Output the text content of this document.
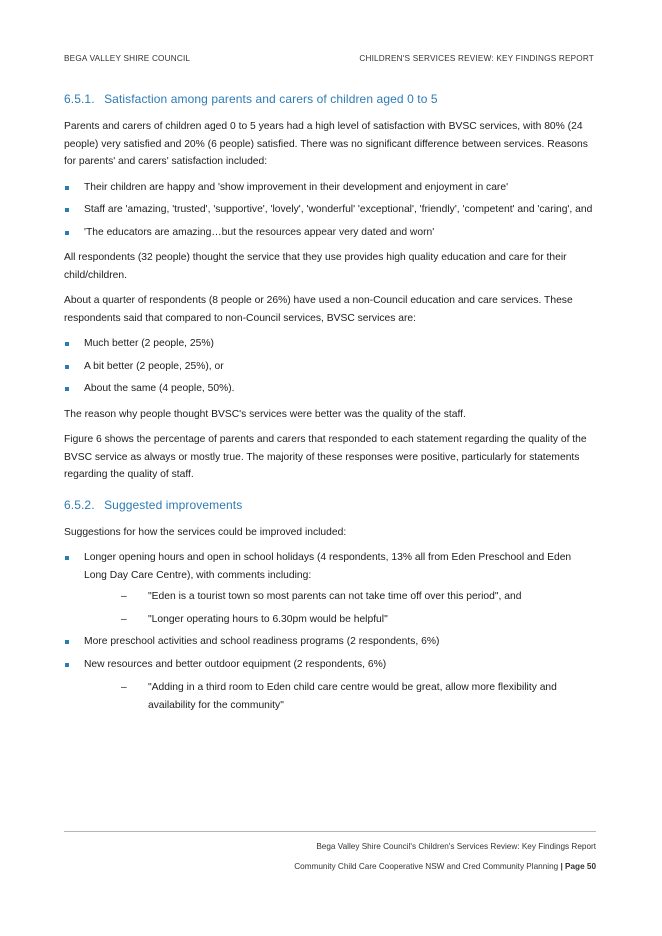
BEGA VALLEY SHIRE COUNCIL	CHILDREN'S SERVICES REVIEW: KEY FINDINGS REPORT
6.5.1. Satisfaction among parents and carers of children aged 0 to 5

Parents and carers of children aged 0 to 5 years had a high level of satisfaction with BVSC services, with 80% (24 people) very satisfied and 20% (6 people) satisfied. There was no significant difference between services. Reasons for parents' and carers' satisfaction included:

Their children are happy and 'show improvement in their development and enjoyment in care'
Staff are 'amazing, 'trusted', 'supportive', 'lovely', 'wonderful' 'exceptional', 'friendly', 'competent' and 'caring', and
'The educators are amazing…but the resources appear very dated and worn'

All respondents (32 people) thought the service that they use provides high quality education and care for their child/children.

About a quarter of respondents (8 people or 26%) have used a non-Council education and care services. These respondents said that compared to non-Council services, BVSC services are:

Much better (2 people, 25%)
A bit better (2 people, 25%), or
About the same (4 people, 50%).

The reason why people thought BVSC's services were better was the quality of the staff.

Figure 6 shows the percentage of parents and carers that responded to each statement regarding the quality of the BVSC service as always or mostly true. The majority of these responses were positive, particularly for statements regarding the quality of staff.

6.5.2. Suggested improvements

Suggestions for how the services could be improved included:

Longer opening hours and open in school holidays (4 respondents, 13% all from Eden Preschool and Eden Long Day Care Centre), with comments including:
– "Eden is a tourist town so most parents can not take time off over this period", and
– "Longer operating hours to 6.30pm would be helpful"
More preschool activities and school readiness programs (2 respondents, 6%)
New resources and better outdoor equipment (2 respondents, 6%)
– "Adding in a third room to Eden child care centre would be great, allow more flexibility and availability for the community"
Bega Valley Shire Council's Children's Services Review: Key Findings Report
Community Child Care Cooperative NSW and Cred Community Planning | Page 50
